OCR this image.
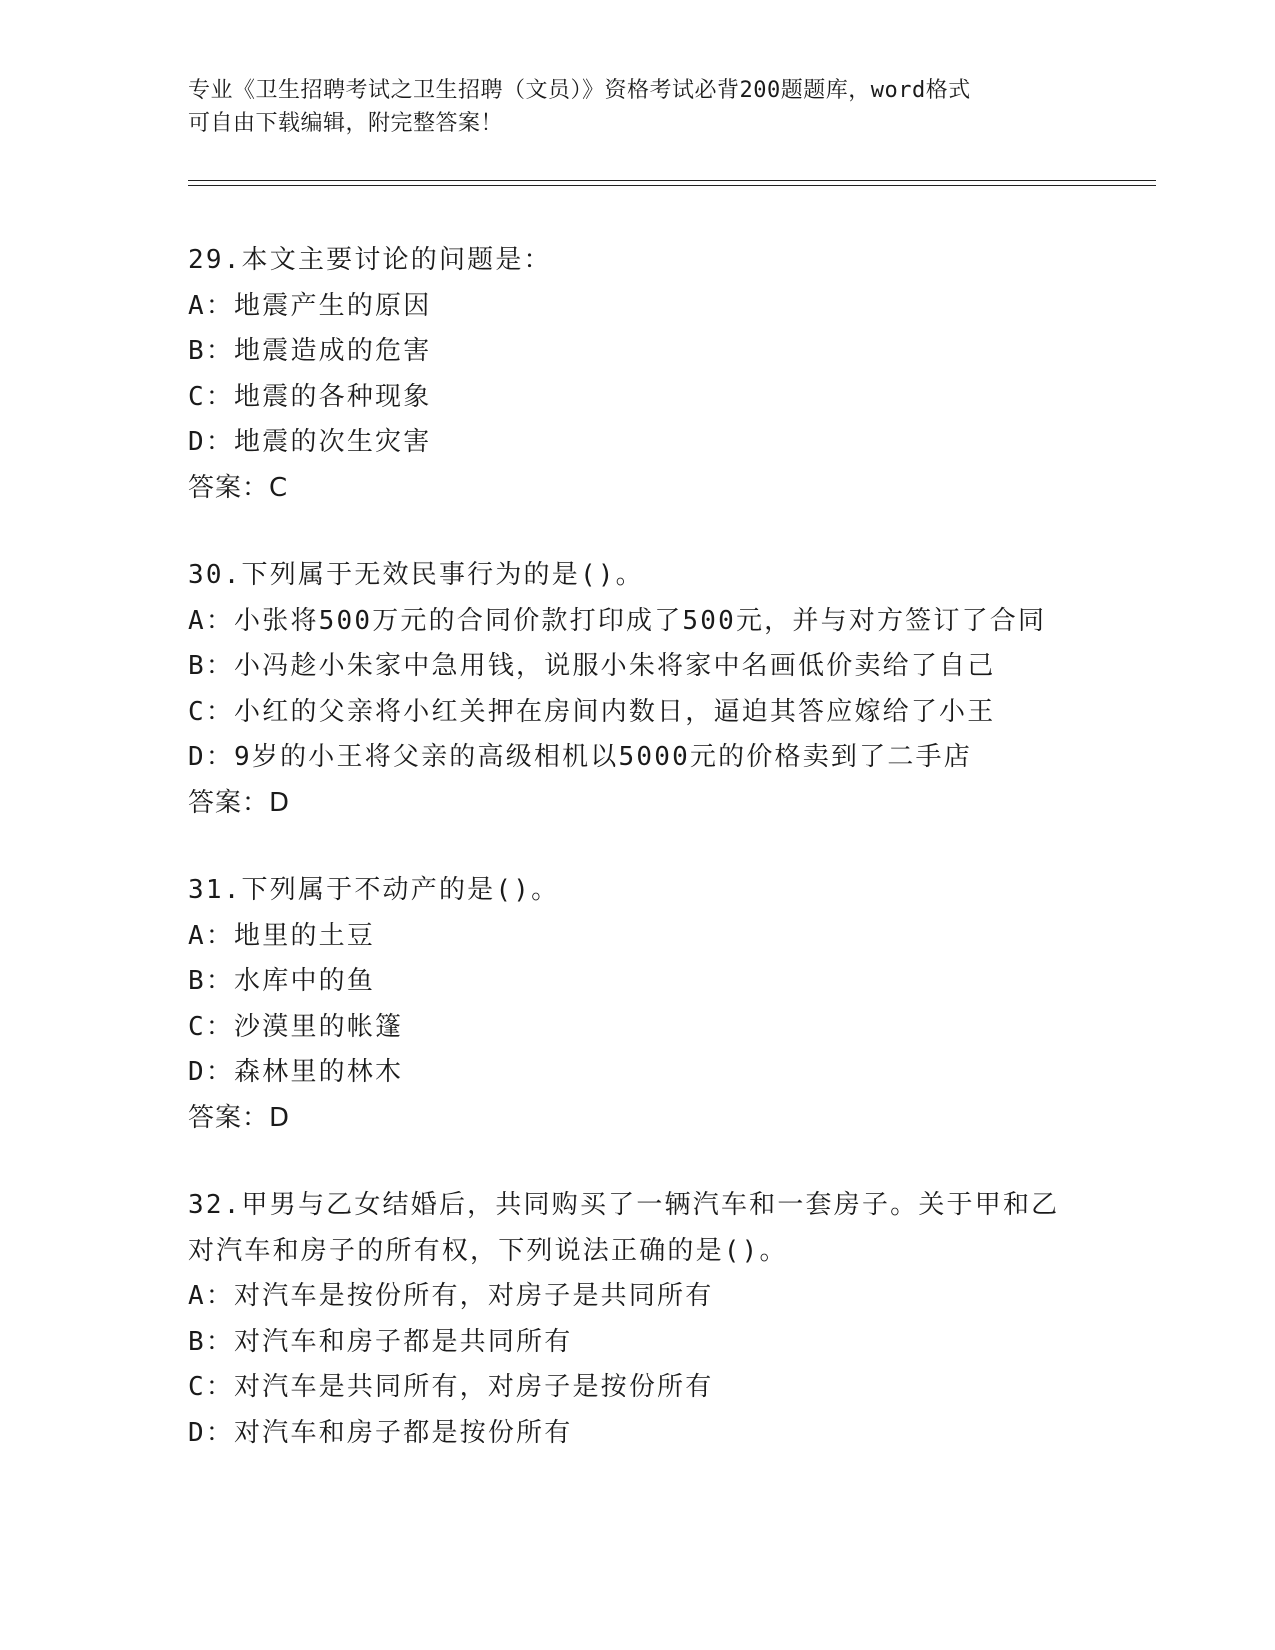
专业《卫生招聘考试之卫生招聘（文员）》资格考试必背200题题库，word格式
可自由下载编辑，附完整答案！
29.本文主要讨论的问题是：
A：地震产生的原因
B：地震造成的危害
C：地震的各种现象
D：地震的次生灾害
答案：C
30.下列属于无效民事行为的是()。
A：小张将500万元的合同价款打印成了500元，并与对方签订了合同
B：小冯趁小朱家中急用钱，说服小朱将家中名画低价卖给了自己
C：小红的父亲将小红关押在房间内数日，逼迫其答应嫁给了小王
D：9岁的小王将父亲的高级相机以5000元的价格卖到了二手店
答案：D
31.下列属于不动产的是()。
A：地里的土豆
B：水库中的鱼
C：沙漠里的帐篷
D：森林里的林木
答案：D
32.甲男与乙女结婚后，共同购买了一辆汽车和一套房子。关于甲和乙
对汽车和房子的所有权，下列说法正确的是()。
A：对汽车是按份所有，对房子是共同所有
B：对汽车和房子都是共同所有
C：对汽车是共同所有，对房子是按份所有
D：对汽车和房子都是按份所有
